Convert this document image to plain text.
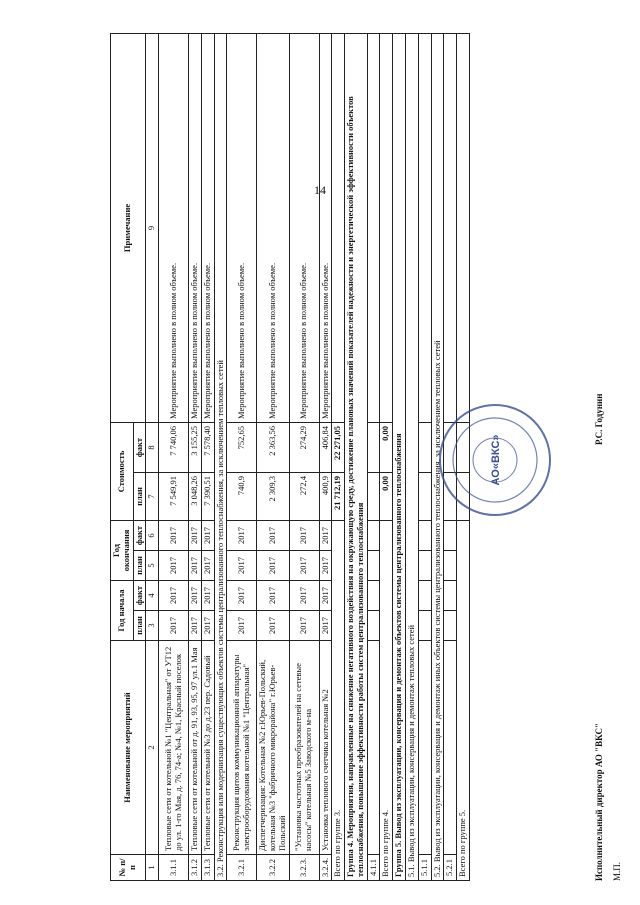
14
№ п/п	Наименование мероприятий	Год начала		Год окончания		Стоимость		Примечание
		план	факт	план	факт	план	факт	
1	2	3	4	5	6	7	8	9
3.1.1	Тепловые сети от котельной №1 "Центральная" от УТ12 до ул. 1-го Мая, д. 76, 74-а; №4, №1, Красный поселок	2017	2017	2017	2017	7 549,91	7 740,06	Мероприятие выполнено в полном объеме.
3.1.2	Тепловые сети от котельной от д. 91, 93, 95, 97 ул.1 Мая	2017	2017	2017	2017	3 048,26	3 155,25	Мероприятие выполнено в полном объеме.
3.1.3	Тепловые сети от котельной №3 до д.23 пер. Садовый	2017	2017	2017	2017	7 390,51	7 578,40	Мероприятие выполнено в полном объеме.
3.2. Реконструкция или модернизация существующих объектов системы централизованного теплоснабжения, за исключением тепловых сетей								
3.2.1	Реконструкция щитов коммуникационной аппаратуры электрооборудования котельной №1 "Центральная"	2017	2017	2017	2017	740,9	752,65	Мероприятие выполнено в полном объеме.
3.2.2	Диспетчеризация: Котельная №2 г.Юрьев-Польский, котельная №3 "фабричного микрорайона" г.Юрьев-Польский	2017	2017	2017	2017	2 309,3	2 363,56	Мероприятие выполнено в полном объеме.
3.2.3.	"Установка частотных преобразователей на сетевые насосы" котельная №5 Заводского м-на	2017	2017	2017	2017	272,4	274,29	Мероприятие выполнено в полном объеме.
3.2.4.	Установка теплового счетчика котельная №2	2017	2017	2017	2017	400,9	406,84	Мероприятие выполнено в полном объеме.
Всего по группе 3.						21 712,19	22 271,05	
Группа 4. Мероприятия, направленные на снижение негативного воздействия на окружающую среду, достижение плановых значений показателей надежности и энергетической эффективности объектов теплоснабжения, повышение эффективности работы систем централизованного теплоснабжения								
4.1.1								
Всего по группе 4.						0,00	0,00	
Группа 5. Вывод из эксплуатации, консервация и демонтаж объектов системы централизованного теплоснабжения								
5.1. Вывод из эксплуатации, консервация и демонтаж тепловых сетей								
5.1.1								
5.2. Вывод из эксплуатации, консервация и демонтаж иных объектов системы централизованного теплоснабжения, за исключением тепловых сетей								
5.2.1								
Всего по группе 5.									Исполнительный директор АО "ВКС"
Р.С. Годунин
М.П.
АО«ВКС»
